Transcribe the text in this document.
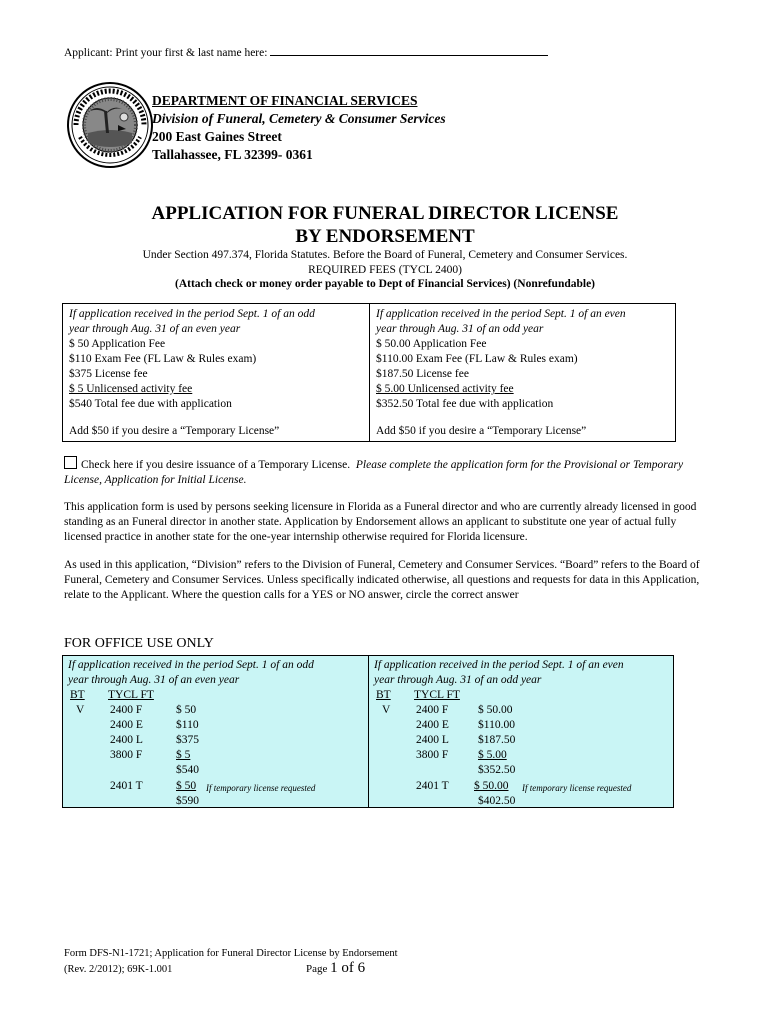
Applicant: Print your first & last name here:
DEPARTMENT OF FINANCIAL SERVICES
Division of Funeral, Cemetery & Consumer Services
200 East Gaines Street
Tallahassee, FL 32399- 0361
APPLICATION FOR FUNERAL DIRECTOR LICENSE
BY ENDORSEMENT
Under Section 497.374, Florida Statutes. Before the Board of Funeral, Cemetery and Consumer Services.
REQUIRED FEES (TYCL 2400)
(Attach check or money order payable to Dept of Financial Services) (Nonrefundable)
If application received in the period Sept. 1 of an odd
year through Aug. 31 of an even year
$ 50 Application Fee
$110 Exam Fee (FL Law & Rules exam)
$375 License fee
$ 5 Unlicensed activity fee
$540 Total fee due with application
Add $50 if you desire a “Temporary License”
If application received in the period Sept. 1 of an even
year through Aug. 31 of an odd year
$ 50.00 Application Fee
$110.00 Exam Fee (FL Law & Rules exam)
$187.50 License fee
$ 5.00 Unlicensed activity fee
$352.50 Total fee due with application
Add $50 if you desire a “Temporary License”
Check here if you desire issuance of a Temporary License. Please complete the application form for the Provisional or Temporary License, Application for Initial License.
This application form is used by persons seeking licensure in Florida as a Funeral director and who are currently already licensed in good standing as an Funeral director in another state. Application by Endorsement allows an applicant to substitute one year of actual fully licensed practice in another state for the one-year internship otherwise required for Florida licensure.
As used in this application, “Division” refers to the Division of Funeral, Cemetery and Consumer Services. “Board” refers to the Board of Funeral, Cemetery and Consumer Services. Unless specifically indicated otherwise, all questions and requests for data in this Application, relate to the Applicant. Where the question calls for a YES or NO answer, circle the correct answer
FOR OFFICE USE ONLY
If application received in the period Sept. 1 of an odd
year through Aug. 31 of an even year
BT TYCL FT
V 2400 F	$ 50
2400 E	$110
2400 L	$375
3800 F	$ 5
$540
2401 T	$ 50 If temporary license requested
$590
If application received in the period Sept. 1 of an even
year through Aug. 31 of an odd year
BT TYCL FT
V 2400 F	$ 50.00
2400 E	$110.00
2400 L	$187.50
3800 F	$ 5.00
$352.50
2401 T $ 50.00 If temporary license requested
$402.50
Form DFS-N1-1721; Application for Funeral Director License by Endorsement
(Rev. 2/2012); 69K-1.001	Page 1 of 6
